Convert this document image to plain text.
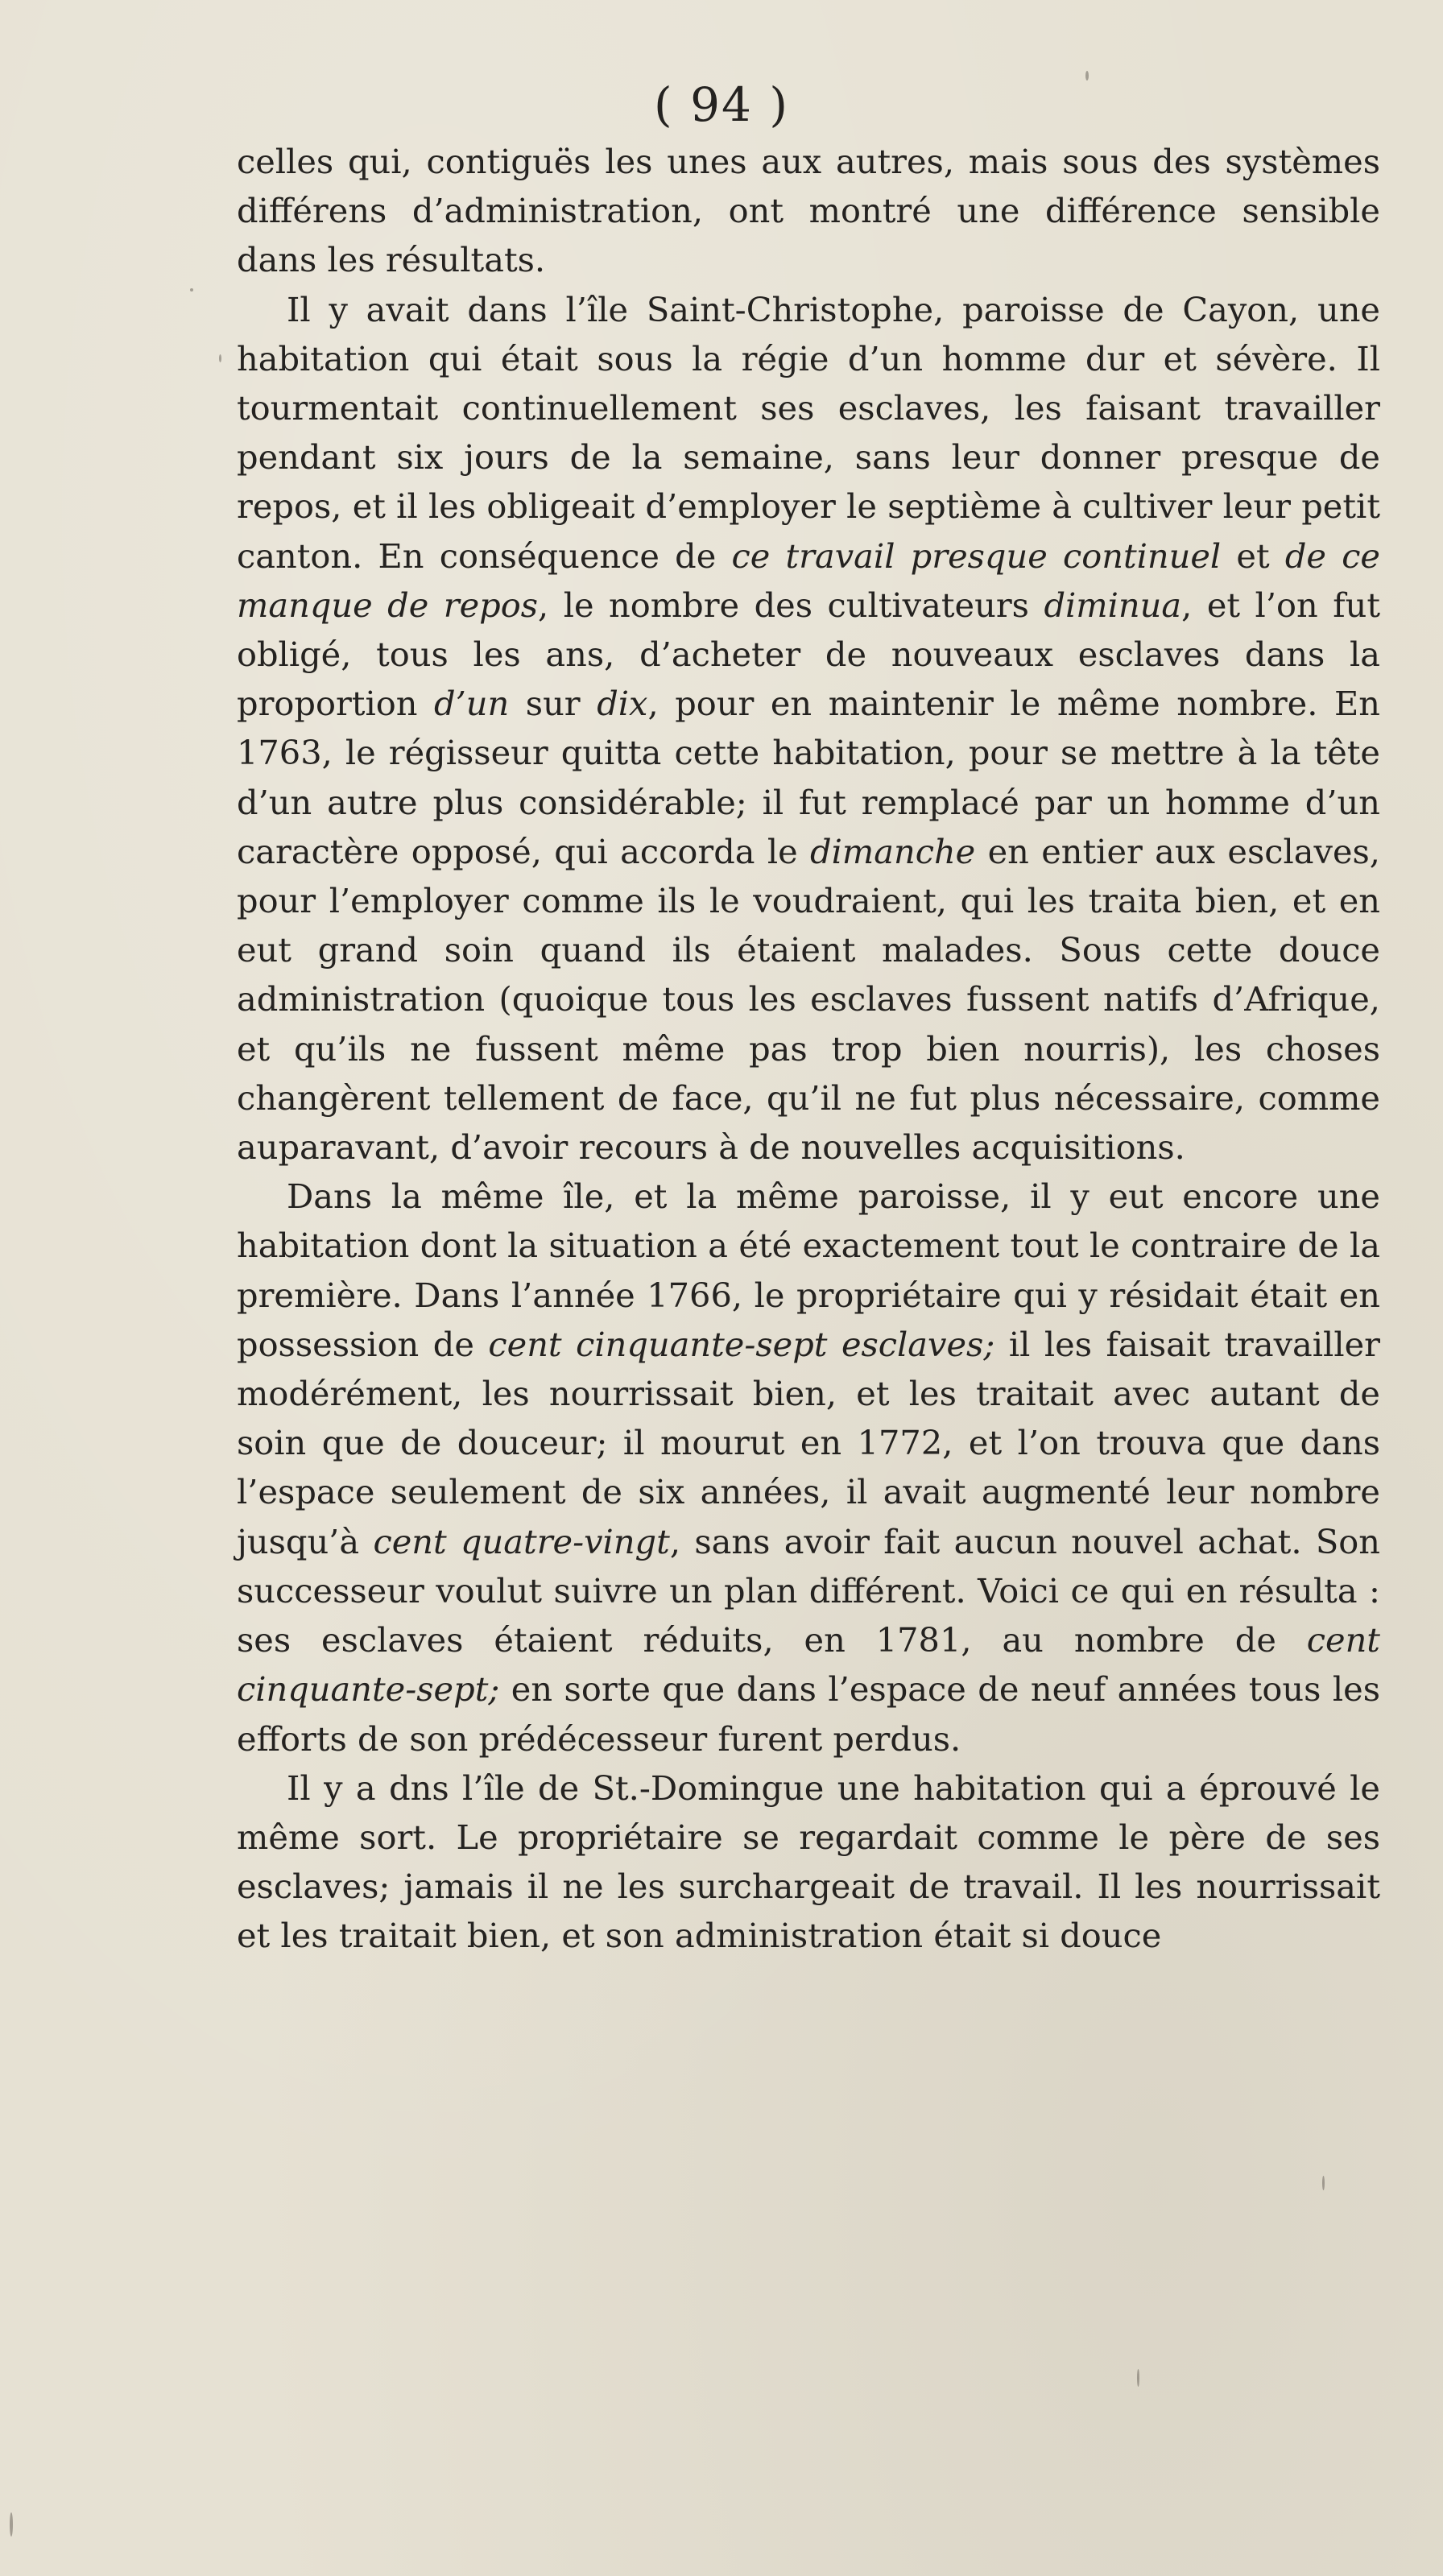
( 94 )

celles qui, contiguës les unes aux autres, mais sous des systèmes différens d’administration, ont montré une différence sensible dans les résultats.

Il y avait dans l’île Saint-Christophe, paroisse de Cayon, une habitation qui était sous la régie d’un homme dur et sévère. Il tourmentait continuellement ses esclaves, les faisant travailler pendant six jours de la semaine, sans leur donner presque de repos, et il les obligeait d’employer le septième à cultiver leur petit canton. En conséquence de ce travail presque continuel et de ce manque de repos, le nombre des cultivateurs diminua, et l’on fut obligé, tous les ans, d’acheter de nouveaux esclaves dans la proportion d’un sur dix, pour en maintenir le même nombre. En 1763, le régisseur quitta cette habitation, pour se mettre à la tête d’un autre plus considérable; il fut remplacé par un homme d’un caractère opposé, qui accorda le dimanche en entier aux esclaves, pour l’employer comme ils le voudraient, qui les traita bien, et en eut grand soin quand ils étaient malades. Sous cette douce administration (quoique tous les esclaves fussent natifs d’Afrique, et qu’ils ne fussent même pas trop bien nourris), les choses changèrent tellement de face, qu’il ne fut plus nécessaire, comme auparavant, d’avoir recours à de nouvelles acquisitions.

Dans la même île, et la même paroisse, il y eut encore une habitation dont la situation a été exactement tout le contraire de la première. Dans l’année 1766, le propriétaire qui y résidait était en possession de cent cinquante-sept esclaves; il les faisait travailler modérément, les nourrissait bien, et les traitait avec autant de soin que de douceur; il mourut en 1772, et l’on trouva que dans l’espace seulement de six années, il avait augmenté leur nombre jusqu’à cent quatre-vingt, sans avoir fait aucun nouvel achat. Son successeur voulut suivre un plan différent. Voici ce qui en résulta : ses esclaves étaient réduits, en 1781, au nombre de cent cinquante-sept; en sorte que dans l’espace de neuf années tous les efforts de son prédécesseur furent perdus.

Il y a dns l’île de St.-Domingue une habitation qui a éprouvé le même sort. Le propriétaire se regardait comme le père de ses esclaves; jamais il ne les surchargeait de travail. Il les nourrissait et les traitait bien, et son administration était si douce
